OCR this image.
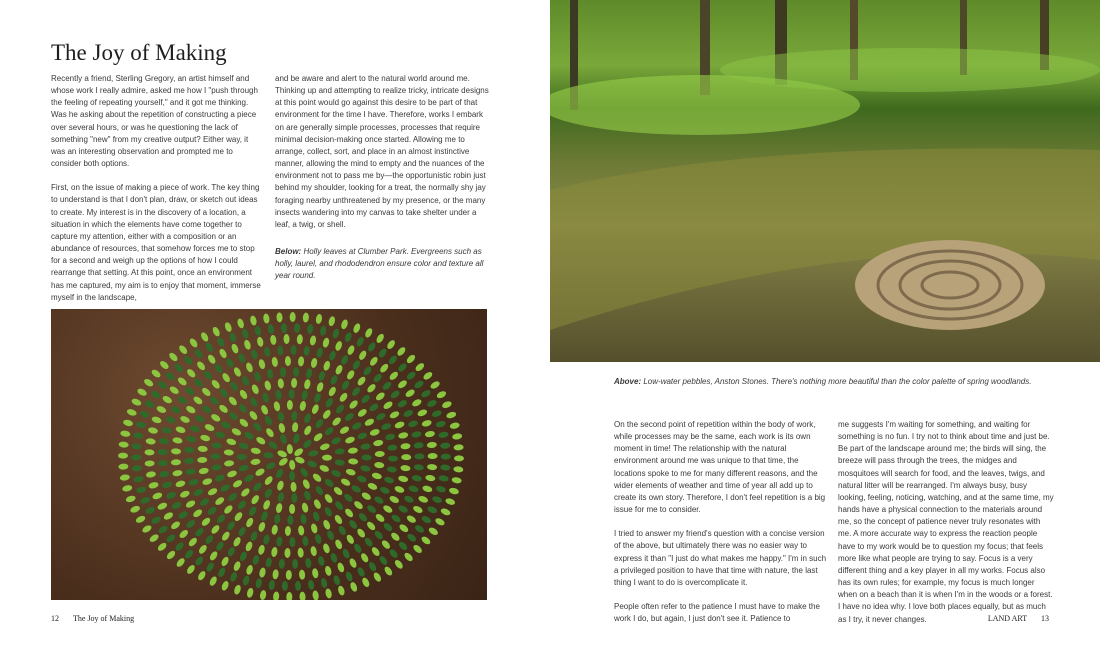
The Joy of Making

Recently a friend, Sterling Gregory, an artist himself and whose work I really admire, asked me how I "push through the feeling of repeating yourself," and it got me thinking. Was he asking about the repetition of constructing a piece over several hours, or was he questioning the lack of something "new" from my creative output? Either way, it was an interesting observation and prompted me to consider both options.

First, on the issue of making a piece of work. The key thing to understand is that I don't plan, draw, or sketch out ideas to create. My interest is in the discovery of a location, a situation in which the elements have come together to capture my attention, either with a composition or an abundance of resources, that somehow forces me to stop for a second and weigh up the options of how I could rearrange that setting. At this point, once an environment has me captured, my aim is to enjoy that moment, immerse myself in the landscape,

and be aware and alert to the natural world around me. Thinking up and attempting to realize tricky, intricate designs at this point would go against this desire to be part of that environment for the time I have. Therefore, works I embark on are generally simple processes, processes that require minimal decision-making once started. Allowing me to arrange, collect, sort, and place in an almost instinctive manner, allowing the mind to empty and the nuances of the environment not to pass me by—the opportunistic robin just behind my shoulder, looking for a treat, the normally shy jay foraging nearby unthreatened by my presence, or the many insects wandering into my canvas to take shelter under a leaf, a twig, or shell.

Below: Holly leaves at Clumber Park. Evergreens such as holly, laurel, and rhododendron ensure color and texture all year round.
Above: Low-water pebbles, Anston Stones. There's nothing more beautiful than the color palette of spring woodlands.

On the second point of repetition within the body of work, while processes may be the same, each work is its own moment in time! The relationship with the natural environment around me was unique to that time, the locations spoke to me for many different reasons, and the wider elements of weather and time of year all add up to create its own story. Therefore, I don't feel repetition is a big issue for me to consider.

I tried to answer my friend's question with a concise version of the above, but ultimately there was no easier way to express it than "I just do what makes me happy." I'm in such a privileged position to have that time with nature, the last thing I want to do is overcomplicate it.

People often refer to the patience I must have to make the work I do, but again, I just don't see it. Patience to

me suggests I'm waiting for something, and waiting for something is no fun. I try not to think about time and just be. Be part of the landscape around me; the birds will sing, the breeze will pass through the trees, the midges and mosquitoes will search for food, and the leaves, twigs, and natural litter will be rearranged. I'm always busy, busy looking, feeling, noticing, watching, and at the same time, my hands have a physical connection to the materials around me, so the concept of patience never truly resonates with me. A more accurate way to express the reaction people have to my work would be to question my focus; that feels more like what people are trying to say. Focus is a very different thing and a key player in all my works. Focus also has its own rules; for example, my focus is much longer when on a beach than it is when I'm in the woods or a forest. I have no idea why. I love both places equally, but as much as I try, it never changes.

12 The Joy of Making	LAND ART 13
